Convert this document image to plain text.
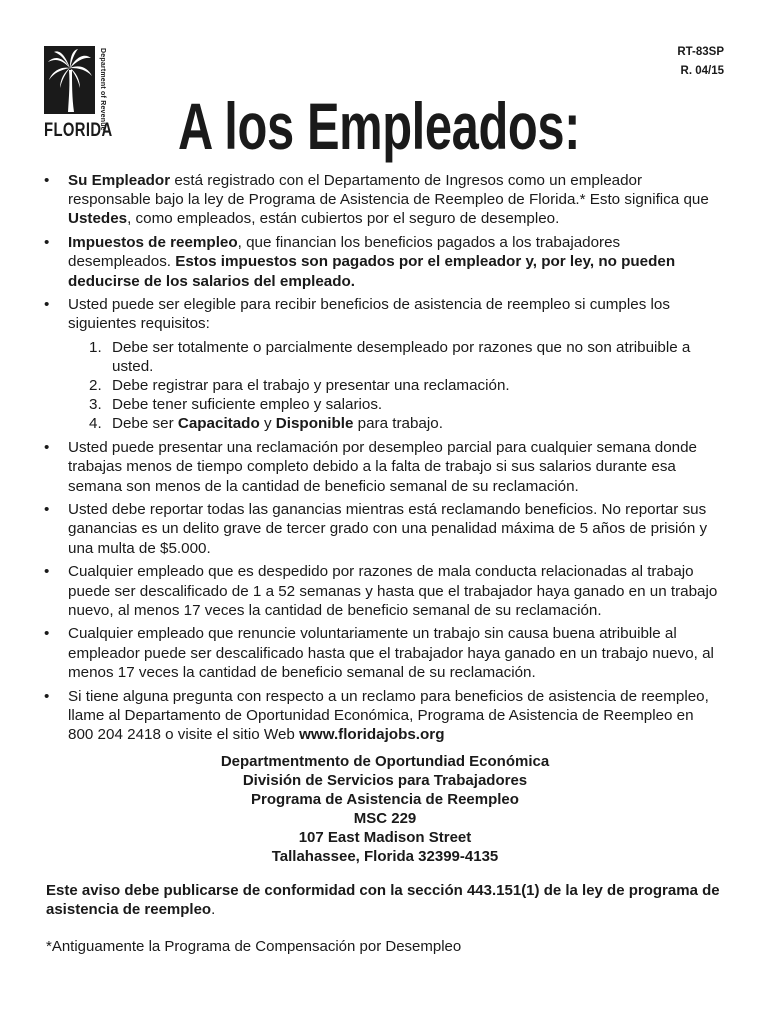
Department of Revenue
FLORIDA
RT-83SP
R. 04/15
A los Empleados:
• Su Empleador está registrado con el Departamento de Ingresos como un empleador responsable bajo la ley de Programa de Asistencia de Reempleo de Florida.* Esto significa que Ustedes, como empleados, están cubiertos por el seguro de desempleo.
• Impuestos de reempleo, que financian los beneficios pagados a los trabajadores desempleados. Estos impuestos son pagados por el empleador y, por ley, no pueden deducirse de los salarios del empleado.
• Usted puede ser elegible para recibir beneficios de asistencia de reempleo si cumples los siguientes requisitos:
1. Debe ser totalmente o parcialmente desempleado por razones que no son atribuible a usted.
2. Debe registrar para el trabajo y presentar una reclamación.
3. Debe tener suficiente empleo y salarios.
4. Debe ser Capacitado y Disponible para trabajo.
• Usted puede presentar una reclamación por desempleo parcial para cualquier semana donde trabajas menos de tiempo completo debido a la falta de trabajo si sus salarios durante esa semana son menos de la cantidad de beneficio semanal de su reclamación.
• Usted debe reportar todas las ganancias mientras está reclamando beneficios. No reportar sus ganancias es un delito grave de tercer grado con una penalidad máxima de 5 años de prisión y una multa de $5.000.
• Cualquier empleado que es despedido por razones de mala conducta relacionadas al trabajo puede ser descalificado de 1 a 52 semanas y hasta que el trabajador haya ganado en un trabajo nuevo, al menos 17 veces la cantidad de beneficio semanal de su reclamación.
• Cualquier empleado que renuncie voluntariamente un trabajo sin causa buena atribuible al empleador puede ser descalificado hasta que el trabajador haya ganado en un trabajo nuevo, al menos 17 veces la cantidad de beneficio semanal de su reclamación.
• Si tiene alguna pregunta con respecto a un reclamo para beneficios de asistencia de reempleo, llame al Departamento de Oportunidad Económica, Programa de Asistencia de Reempleo en 800 204 2418 o visite el sitio Web www.floridajobs.org
Departmentmento de Oportundiad Económica
División de Servicios para Trabajadores
Programa de Asistencia de Reempleo
MSC 229
107 East Madison Street
Tallahassee, Florida 32399-4135
Este aviso debe publicarse de conformidad con la sección 443.151(1) de la ley de programa de asistencia de reempleo.
*Antiguamente la Programa de Compensación por Desempleo
